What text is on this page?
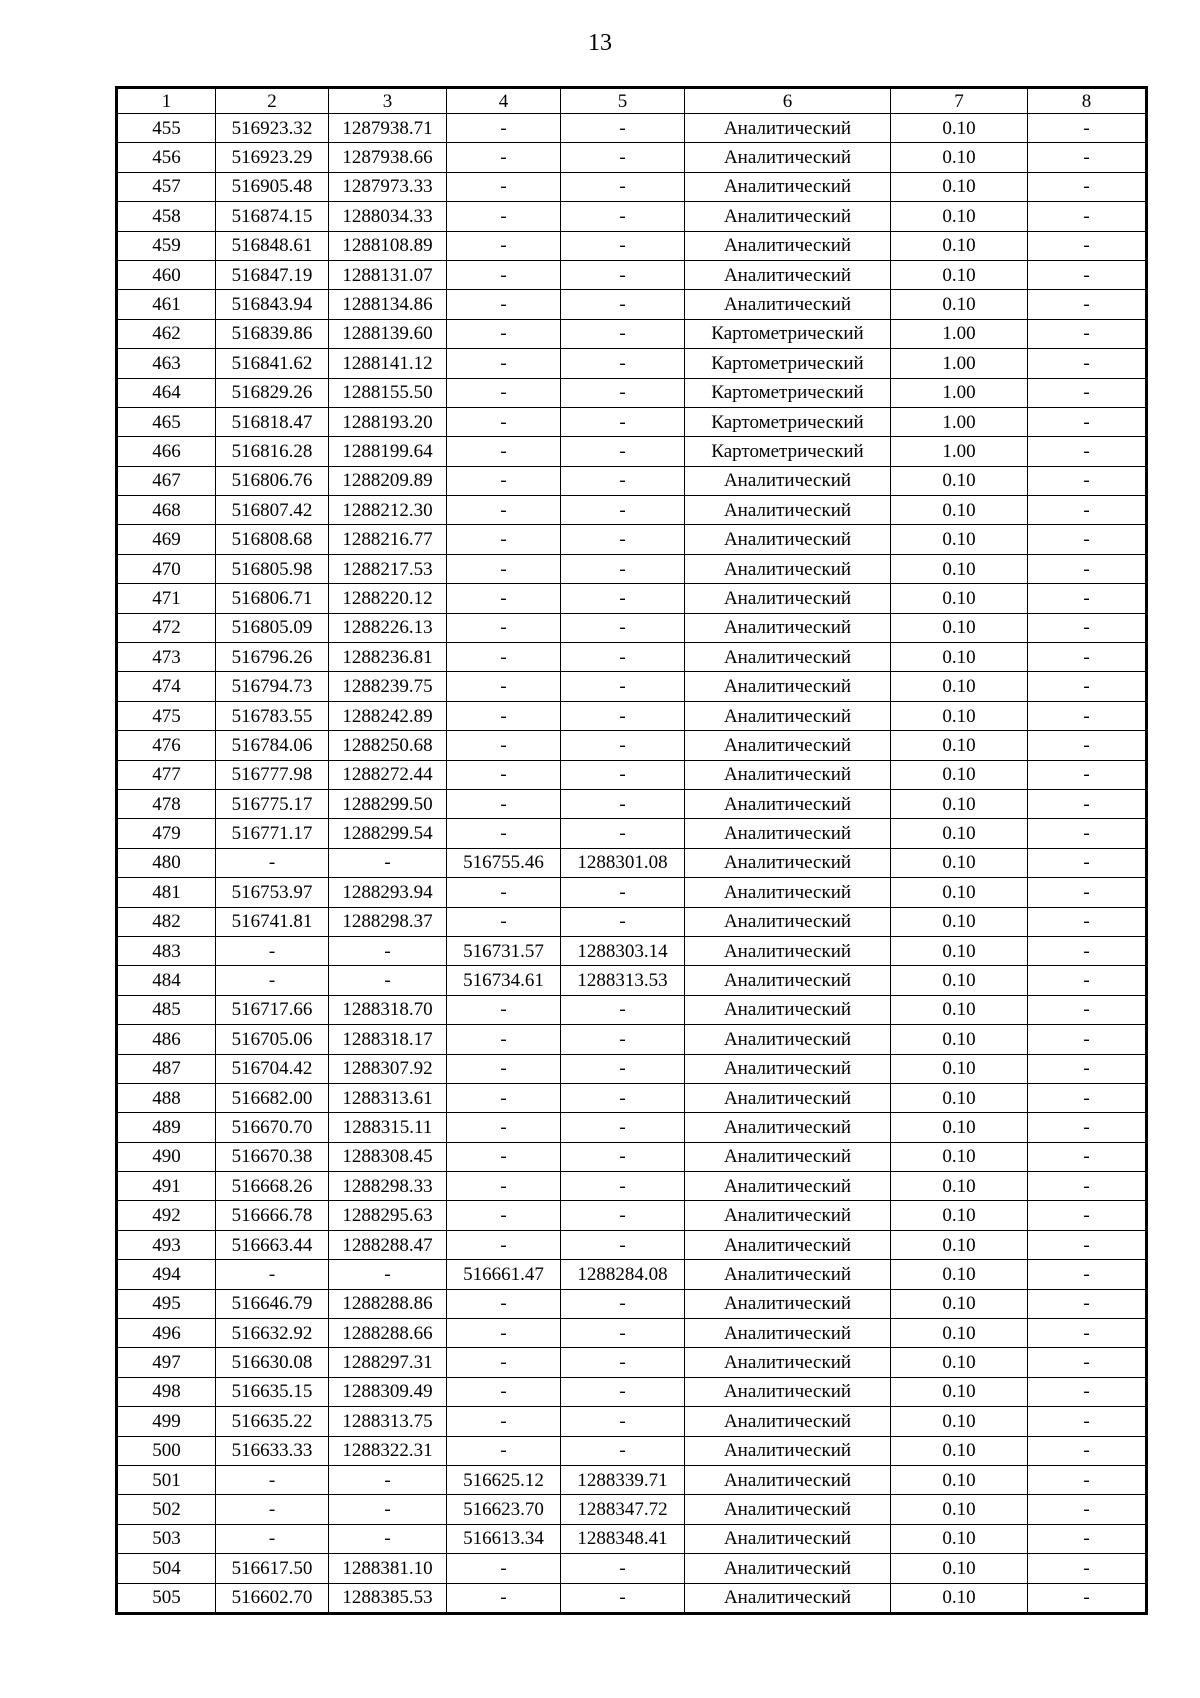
13
1	2	3	4	5	6	7	8
455	516923.32	1287938.71	-	-	Аналитический	0.10	-
456	516923.29	1287938.66	-	-	Аналитический	0.10	-
457	516905.48	1287973.33	-	-	Аналитический	0.10	-
458	516874.15	1288034.33	-	-	Аналитический	0.10	-
459	516848.61	1288108.89	-	-	Аналитический	0.10	-
460	516847.19	1288131.07	-	-	Аналитический	0.10	-
461	516843.94	1288134.86	-	-	Аналитический	0.10	-
462	516839.86	1288139.60	-	-	Картометрический	1.00	-
463	516841.62	1288141.12	-	-	Картометрический	1.00	-
464	516829.26	1288155.50	-	-	Картометрический	1.00	-
465	516818.47	1288193.20	-	-	Картометрический	1.00	-
466	516816.28	1288199.64	-	-	Картометрический	1.00	-
467	516806.76	1288209.89	-	-	Аналитический	0.10	-
468	516807.42	1288212.30	-	-	Аналитический	0.10	-
469	516808.68	1288216.77	-	-	Аналитический	0.10	-
470	516805.98	1288217.53	-	-	Аналитический	0.10	-
471	516806.71	1288220.12	-	-	Аналитический	0.10	-
472	516805.09	1288226.13	-	-	Аналитический	0.10	-
473	516796.26	1288236.81	-	-	Аналитический	0.10	-
474	516794.73	1288239.75	-	-	Аналитический	0.10	-
475	516783.55	1288242.89	-	-	Аналитический	0.10	-
476	516784.06	1288250.68	-	-	Аналитический	0.10	-
477	516777.98	1288272.44	-	-	Аналитический	0.10	-
478	516775.17	1288299.50	-	-	Аналитический	0.10	-
479	516771.17	1288299.54	-	-	Аналитический	0.10	-
480	-	-	516755.46	1288301.08	Аналитический	0.10	-
481	516753.97	1288293.94	-	-	Аналитический	0.10	-
482	516741.81	1288298.37	-	-	Аналитический	0.10	-
483	-	-	516731.57	1288303.14	Аналитический	0.10	-
484	-	-	516734.61	1288313.53	Аналитический	0.10	-
485	516717.66	1288318.70	-	-	Аналитический	0.10	-
486	516705.06	1288318.17	-	-	Аналитический	0.10	-
487	516704.42	1288307.92	-	-	Аналитический	0.10	-
488	516682.00	1288313.61	-	-	Аналитический	0.10	-
489	516670.70	1288315.11	-	-	Аналитический	0.10	-
490	516670.38	1288308.45	-	-	Аналитический	0.10	-
491	516668.26	1288298.33	-	-	Аналитический	0.10	-
492	516666.78	1288295.63	-	-	Аналитический	0.10	-
493	516663.44	1288288.47	-	-	Аналитический	0.10	-
494	-	-	516661.47	1288284.08	Аналитический	0.10	-
495	516646.79	1288288.86	-	-	Аналитический	0.10	-
496	516632.92	1288288.66	-	-	Аналитический	0.10	-
497	516630.08	1288297.31	-	-	Аналитический	0.10	-
498	516635.15	1288309.49	-	-	Аналитический	0.10	-
499	516635.22	1288313.75	-	-	Аналитический	0.10	-
500	516633.33	1288322.31	-	-	Аналитический	0.10	-
501	-	-	516625.12	1288339.71	Аналитический	0.10	-
502	-	-	516623.70	1288347.72	Аналитический	0.10	-
503	-	-	516613.34	1288348.41	Аналитический	0.10	-
504	516617.50	1288381.10	-	-	Аналитический	0.10	-
505	516602.70	1288385.53	-	-	Аналитический	0.10	-
